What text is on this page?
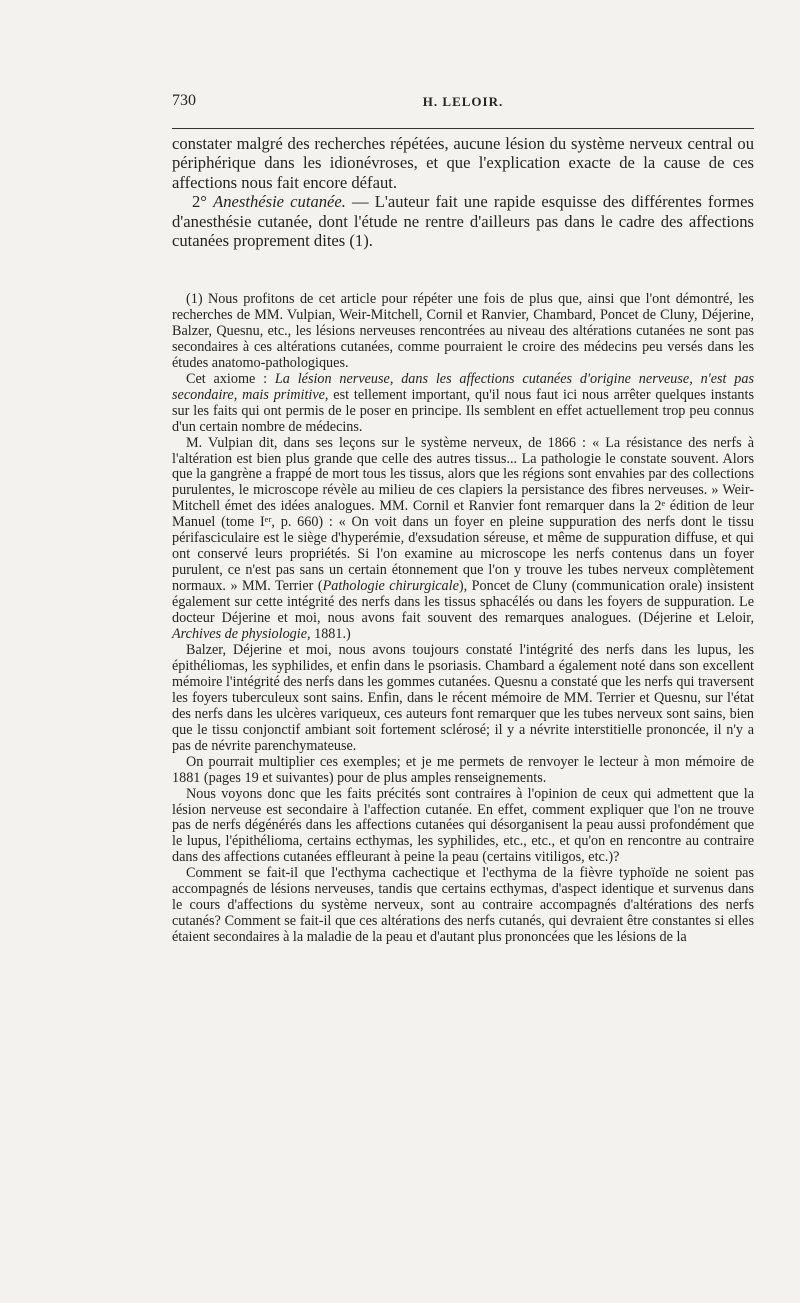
730	H. LELOIR.

constater malgré des recherches répétées, aucune lésion du système nerveux central ou périphérique dans les idionévroses, et que l'explication exacte de la cause de ces affections nous fait encore défaut.

2° Anesthésie cutanée. — L'auteur fait une rapide esquisse des différentes formes d'anesthésie cutanée, dont l'étude ne rentre d'ailleurs pas dans le cadre des affections cutanées proprement dites (1).

(1) Nous profitons de cet article pour répéter une fois de plus que, ainsi que l'ont démontré, les recherches de MM. Vulpian, Weir-Mitchell, Cornil et Ranvier, Chambard, Poncet de Cluny, Déjerine, Balzer, Quesnu, etc., les lésions nerveuses rencontrées au niveau des altérations cutanées ne sont pas secondaires à ces altérations cutanées, comme pourraient le croire des médecins peu versés dans les études anatomo-pathologiques.

Cet axiome : La lésion nerveuse, dans les affections cutanées d'origine nerveuse, n'est pas secondaire, mais primitive, est tellement important, qu'il nous faut ici nous arrêter quelques instants sur les faits qui ont permis de le poser en principe. Ils semblent en effet actuellement trop peu connus d'un certain nombre de médecins.

M. Vulpian dit, dans ses leçons sur le système nerveux, de 1866 : « La résistance des nerfs à l'altération est bien plus grande que celle des autres tissus... La pathologie le constate souvent. Alors que la gangrène a frappé de mort tous les tissus, alors que les régions sont envahies par des collections purulentes, le microscope révèle au milieu de ces clapiers la persistance des fibres nerveuses. » Weir-Mitchell émet des idées analogues. MM. Cornil et Ranvier font remarquer dans la 2ᵉ édition de leur Manuel (tome Iᵉʳ, p. 660) : « On voit dans un foyer en pleine suppuration des nerfs dont le tissu périfasciculaire est le siège d'hyperémie, d'exsudation séreuse, et même de suppuration diffuse, et qui ont conservé leurs propriétés. Si l'on examine au microscope les nerfs contenus dans un foyer purulent, ce n'est pas sans un certain étonnement que l'on y trouve les tubes nerveux complètement normaux. » MM. Terrier (Pathologie chirurgicale), Poncet de Cluny (communication orale) insistent également sur cette intégrité des nerfs dans les tissus sphacélés ou dans les foyers de suppuration. Le docteur Déjerine et moi, nous avons fait souvent des remarques analogues. (Déjerine et Leloir, Archives de physiologie, 1881.)

Balzer, Déjerine et moi, nous avons toujours constaté l'intégrité des nerfs dans les lupus, les épithéliomas, les syphilides, et enfin dans le psoriasis. Chambard a également noté dans son excellent mémoire l'intégrité des nerfs dans les gommes cutanées. Quesnu a constaté que les nerfs qui traversent les foyers tuberculeux sont sains. Enfin, dans le récent mémoire de MM. Terrier et Quesnu, sur l'état des nerfs dans les ulcères variqueux, ces auteurs font remarquer que les tubes nerveux sont sains, bien que le tissu conjonctif ambiant soit fortement sclérosé; il y a névrite interstitielle prononcée, il n'y a pas de névrite parenchymateuse.

On pourrait multiplier ces exemples; et je me permets de renvoyer le lecteur à mon mémoire de 1881 (pages 19 et suivantes) pour de plus amples renseignements.

Nous voyons donc que les faits précités sont contraires à l'opinion de ceux qui admettent que la lésion nerveuse est secondaire à l'affection cutanée. En effet, comment expliquer que l'on ne trouve pas de nerfs dégénérés dans les affections cutanées qui désorganisent la peau aussi profondément que le lupus, l'épithélioma, certains ecthymas, les syphilides, etc., etc., et qu'on en rencontre au contraire dans des affections cutanées effleurant à peine la peau (certains vitiligos, etc.)?

Comment se fait-il que l'ecthyma cachectique et l'ecthyma de la fièvre typhoïde ne soient pas accompagnés de lésions nerveuses, tandis que certains ecthymas, d'aspect identique et survenus dans le cours d'affections du système nerveux, sont au contraire accompagnés d'altérations des nerfs cutanés? Comment se fait-il que ces altérations des nerfs cutanés, qui devraient être constantes si elles étaient secondaires à la maladie de la peau et d'autant plus prononcées que les lésions de la
